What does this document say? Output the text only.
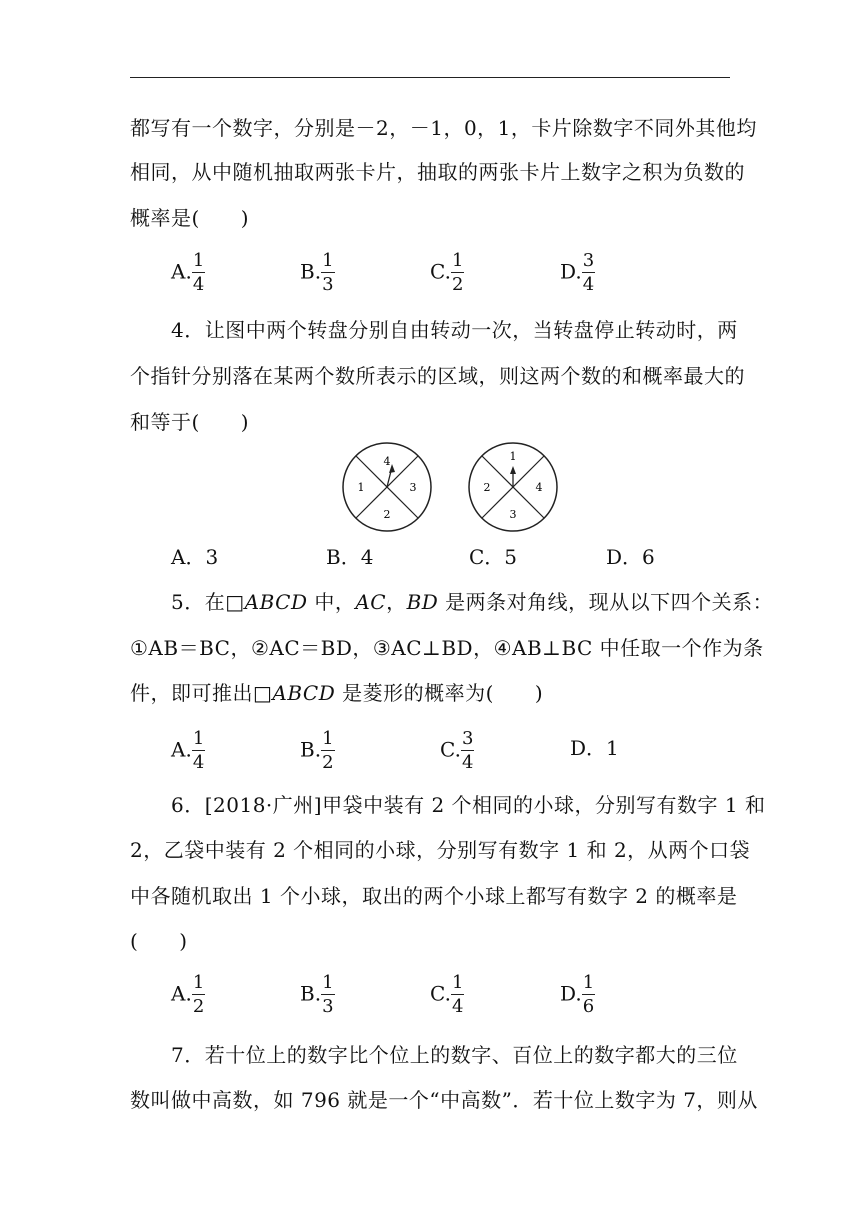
都写有一个数字，分别是－2，－1，0，1，卡片除数字不同外其他均
相同，从中随机抽取两张卡片，抽取的两张卡片上数字之积为负数的
概率是(　　)
A. $\frac{1}{4}$	B. $\frac{1}{3}$	C. $\frac{1}{2}$	D. $\frac{3}{4}$
4．让图中两个转盘分别自由转动一次，当转盘停止转动时，两
个指针分别落在某两个数所表示的区域，则这两个数的和概率最大的
和等于(　　)
4
1	3
2
1
2	4
3
A．3	B．4	C．5	D．6
5．在□ABCD 中，AC，BD 是两条对角线，现从以下四个关系：
①AB＝BC，②AC＝BD，③AC⊥BD，④AB⊥BC 中任取一个作为条
件，即可推出□ABCD 是菱形的概率为(　　)
A. $\frac{1}{4}$	B. $\frac{1}{2}$	C. $\frac{3}{4}$	D．1
6．[2018·广州]甲袋中装有 2 个相同的小球，分别写有数字 1 和
2，乙袋中装有 2 个相同的小球，分别写有数字 1 和 2，从两个口袋
中各随机取出 1 个小球，取出的两个小球上都写有数字 2 的概率是
(　　)
A. $\frac{1}{2}$	B. $\frac{1}{3}$	C. $\frac{1}{4}$	D. $\frac{1}{6}$
7．若十位上的数字比个位上的数字、百位上的数字都大的三位
数叫做中高数，如 796 就是一个“中高数”．若十位上数字为 7，则从
